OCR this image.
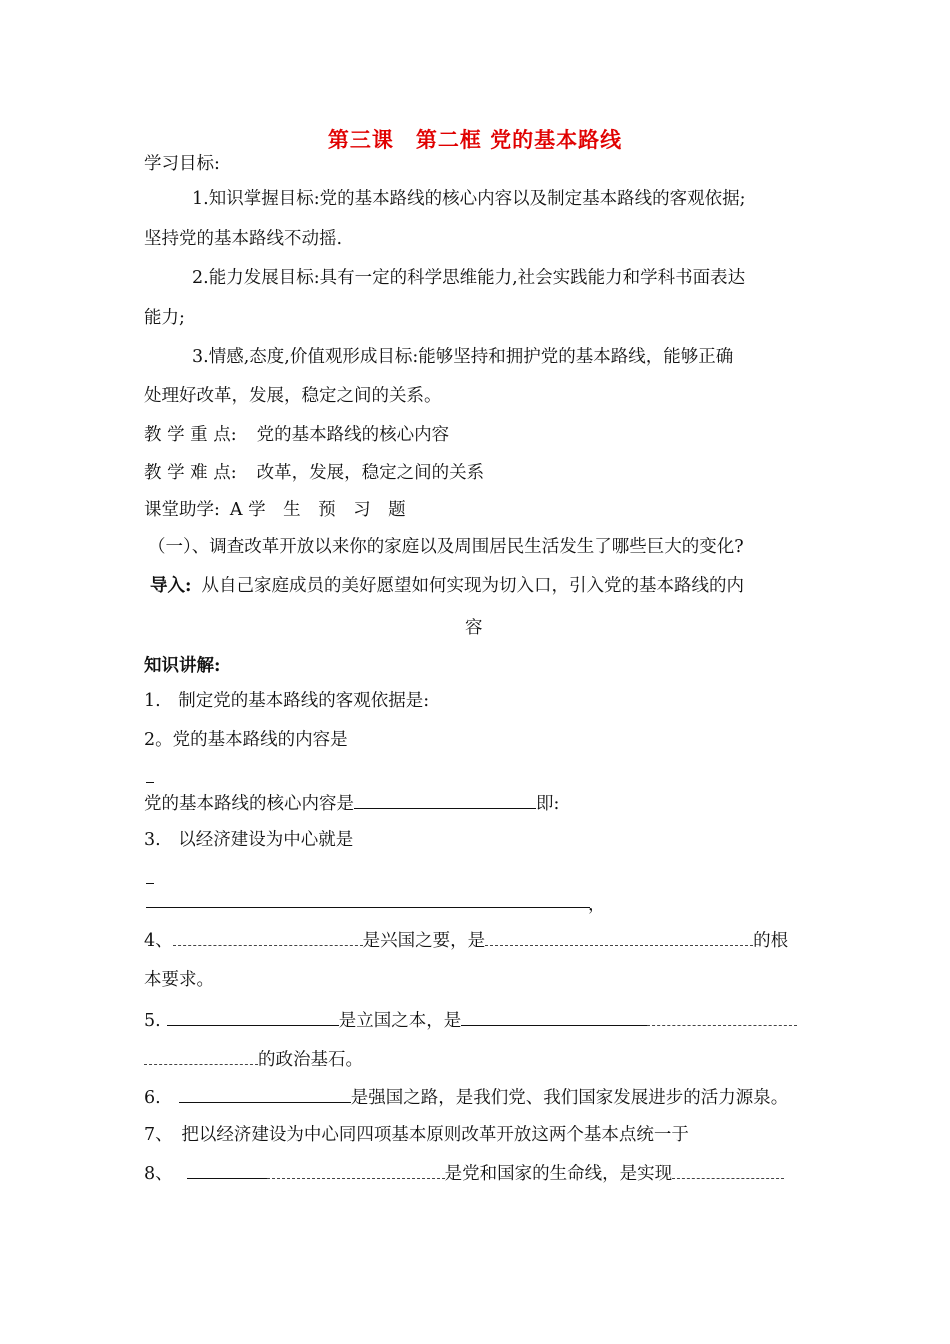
第三课　第二框 党的基本路线
学习目标:
1.知识掌握目标:党的基本路线的核心内容以及制定基本路线的客观依据;
坚持党的基本路线不动摇.
2.能力发展目标:具有一定的科学思维能力,社会实践能力和学科书面表达
能力;
3.情感,态度,价值观形成目标:能够坚持和拥护党的基本路线，能够正确
处理好改革，发展，稳定之间的关系。
教 学 重 点: 党的基本路线的核心内容
教 学 难 点: 改革，发展，稳定之间的关系
课堂助学: A 学　生　预　习　题
（一）、调查改革开放以来你的家庭以及周围居民生活发生了哪些巨大的变化?
导入: 从自己家庭成员的美好愿望如何实现为切入口，引入党的基本路线的内
容
知识讲解:
1.　制定党的基本路线的客观依据是:
2。党的基本路线的内容是
党的基本路线的核心内容是	即:
3.　以经济建设为中心就是
，
4、	是兴国之要，是	的根
本要求。
5.	是立国之本，是
的政治基石。
6.	是强国之路，是我们党、我们国家发展进步的活力源泉。
7、　把以经济建设为中心同四项基本原则改革开放这两个基本点统一于
8、	是党和国家的生命线，是实现
